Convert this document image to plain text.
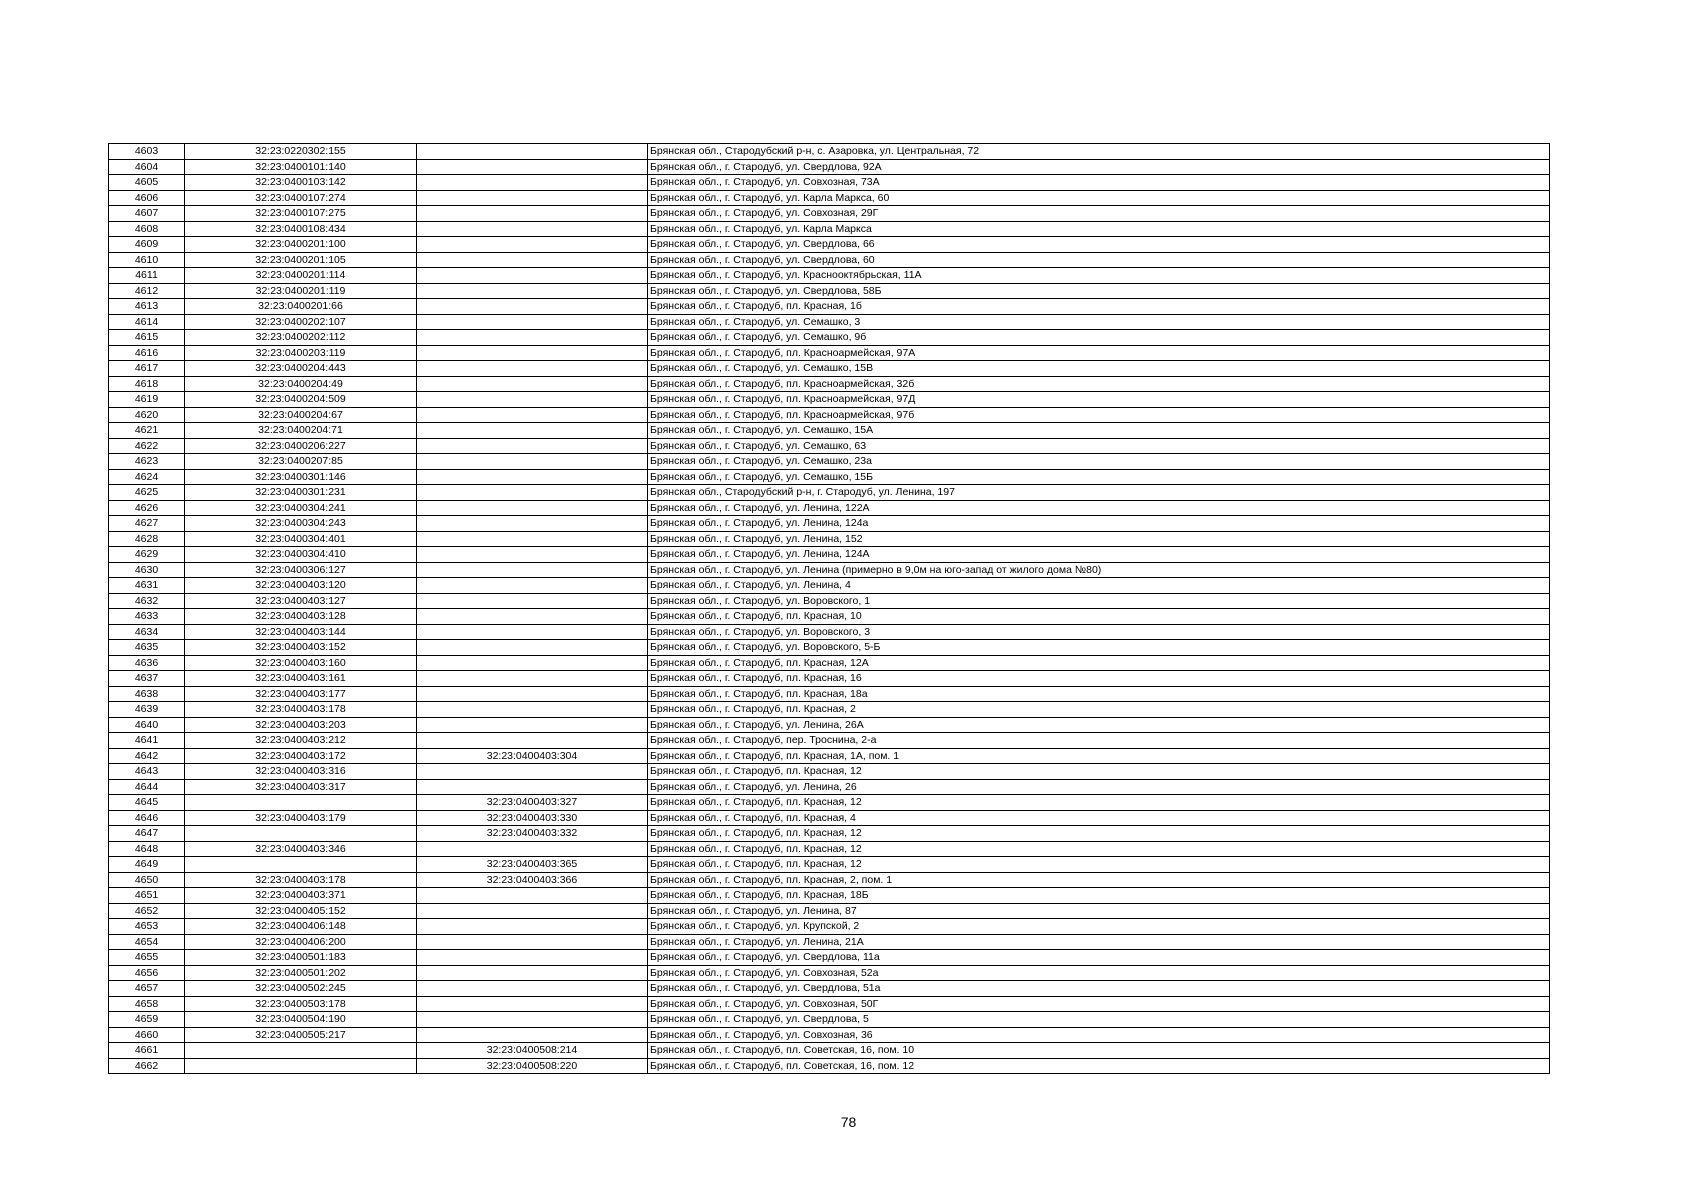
4603	32:23:0220302:155		Брянская обл., Стародубский р-н, с. Азаровка, ул. Центральная, 72
4604	32:23:0400101:140		Брянская обл., г. Стародуб, ул. Свердлова, 92А
4605	32:23:0400103:142		Брянская обл., г. Стародуб, ул. Совхозная, 73А
4606	32:23:0400107:274		Брянская обл., г. Стародуб, ул. Карла Маркса, 60
4607	32:23:0400107:275		Брянская обл., г. Стародуб, ул. Совхозная, 29Г
4608	32:23:0400108:434		Брянская обл., г. Стародуб, ул. Карла Маркса
4609	32:23:0400201:100		Брянская обл., г. Стародуб, ул. Свердлова, 66
4610	32:23:0400201:105		Брянская обл., г. Стародуб, ул. Свердлова, 60
4611	32:23:0400201:114		Брянская обл., г. Стародуб, ул. Краснооктябрьская, 11А
4612	32:23:0400201:119		Брянская обл., г. Стародуб, ул. Свердлова, 58Б
4613	32:23:0400201:66		Брянская обл., г. Стародуб, пл. Красная, 1б
4614	32:23:0400202:107		Брянская обл., г. Стародуб, ул. Семашко, 3
4615	32:23:0400202:112		Брянская обл., г. Стародуб, ул. Семашко, 9б
4616	32:23:0400203:119		Брянская обл., г. Стародуб, пл. Красноармейская, 97А
4617	32:23:0400204:443		Брянская обл., г. Стародуб, ул. Семашко, 15В
4618	32:23:0400204:49		Брянская обл., г. Стародуб, пл. Красноармейская, 32б
4619	32:23:0400204:509		Брянская обл., г. Стародуб, пл. Красноармейская, 97Д
4620	32:23:0400204:67		Брянская обл., г. Стародуб, пл. Красноармейская, 97б
4621	32:23:0400204:71		Брянская обл., г. Стародуб, ул. Семашко, 15А
4622	32:23:0400206:227		Брянская обл., г. Стародуб, ул. Семашко, 63
4623	32:23:0400207:85		Брянская обл., г. Стародуб, ул. Семашко, 23а
4624	32:23:0400301:146		Брянская обл., г. Стародуб, ул. Семашко, 15Б
4625	32:23:0400301:231		Брянская обл., Стародубский р-н, г. Стародуб, ул. Ленина, 197
4626	32:23:0400304:241		Брянская обл., г. Стародуб, ул. Ленина, 122А
4627	32:23:0400304:243		Брянская обл., г. Стародуб, ул. Ленина, 124а
4628	32:23:0400304:401		Брянская обл., г. Стародуб, ул. Ленина, 152
4629	32:23:0400304:410		Брянская обл., г. Стародуб, ул. Ленина, 124А
4630	32:23:0400306:127		Брянская обл., г. Стародуб, ул. Ленина (примерно в 9,0м на юго-запад от жилого дома №80)
4631	32:23:0400403:120		Брянская обл., г. Стародуб, ул. Ленина, 4
4632	32:23:0400403:127		Брянская обл., г. Стародуб, ул. Воровского, 1
4633	32:23:0400403:128		Брянская обл., г. Стародуб, пл. Красная, 10
4634	32:23:0400403:144		Брянская обл., г. Стародуб, ул. Воровского, 3
4635	32:23:0400403:152		Брянская обл., г. Стародуб, ул. Воровского, 5-Б
4636	32:23:0400403:160		Брянская обл., г. Стародуб, пл. Красная, 12А
4637	32:23:0400403:161		Брянская обл., г. Стародуб, пл. Красная, 16
4638	32:23:0400403:177		Брянская обл., г. Стародуб, пл. Красная, 18а
4639	32:23:0400403:178		Брянская обл., г. Стародуб, пл. Красная, 2
4640	32:23:0400403:203		Брянская обл., г. Стародуб, ул. Ленина, 26А
4641	32:23:0400403:212		Брянская обл., г. Стародуб, пер. Троснина, 2-а
4642	32:23:0400403:172	32:23:0400403:304	Брянская обл., г. Стародуб, пл. Красная, 1А, пом. 1
4643	32:23:0400403:316		Брянская обл., г. Стародуб, пл. Красная, 12
4644	32:23:0400403:317		Брянская обл., г. Стародуб, ул. Ленина, 26
4645		32:23:0400403:327	Брянская обл., г. Стародуб, пл. Красная, 12
4646	32:23:0400403:179	32:23:0400403:330	Брянская обл., г. Стародуб, пл. Красная, 4
4647		32:23:0400403:332	Брянская обл., г. Стародуб, пл. Красная, 12
4648	32:23:0400403:346		Брянская обл., г. Стародуб, пл. Красная, 12
4649		32:23:0400403:365	Брянская обл., г. Стародуб, пл. Красная, 12
4650	32:23:0400403:178	32:23:0400403:366	Брянская обл., г. Стародуб, пл. Красная, 2, пом. 1
4651	32:23:0400403:371		Брянская обл., г. Стародуб, пл. Красная, 18Б
4652	32:23:0400405:152		Брянская обл., г. Стародуб, ул. Ленина, 87
4653	32:23:0400406:148		Брянская обл., г. Стародуб, ул. Крупской, 2
4654	32:23:0400406:200		Брянская обл., г. Стародуб, ул. Ленина, 21А
4655	32:23:0400501:183		Брянская обл., г. Стародуб, ул. Свердлова, 11а
4656	32:23:0400501:202		Брянская обл., г. Стародуб, ул. Совхозная, 52а
4657	32:23:0400502:245		Брянская обл., г. Стародуб, ул. Свердлова, 51а
4658	32:23:0400503:178		Брянская обл., г. Стародуб, ул. Совхозная, 50Г
4659	32:23:0400504:190		Брянская обл., г. Стародуб, ул. Свердлова, 5
4660	32:23:0400505:217		Брянская обл., г. Стародуб, ул. Совхозная, 36
4661		32:23:0400508:214	Брянская обл., г. Стародуб, пл. Советская, 16, пом. 10
4662		32:23:0400508:220	Брянская обл., г. Стародуб, пл. Советская, 16, пом. 12
78
